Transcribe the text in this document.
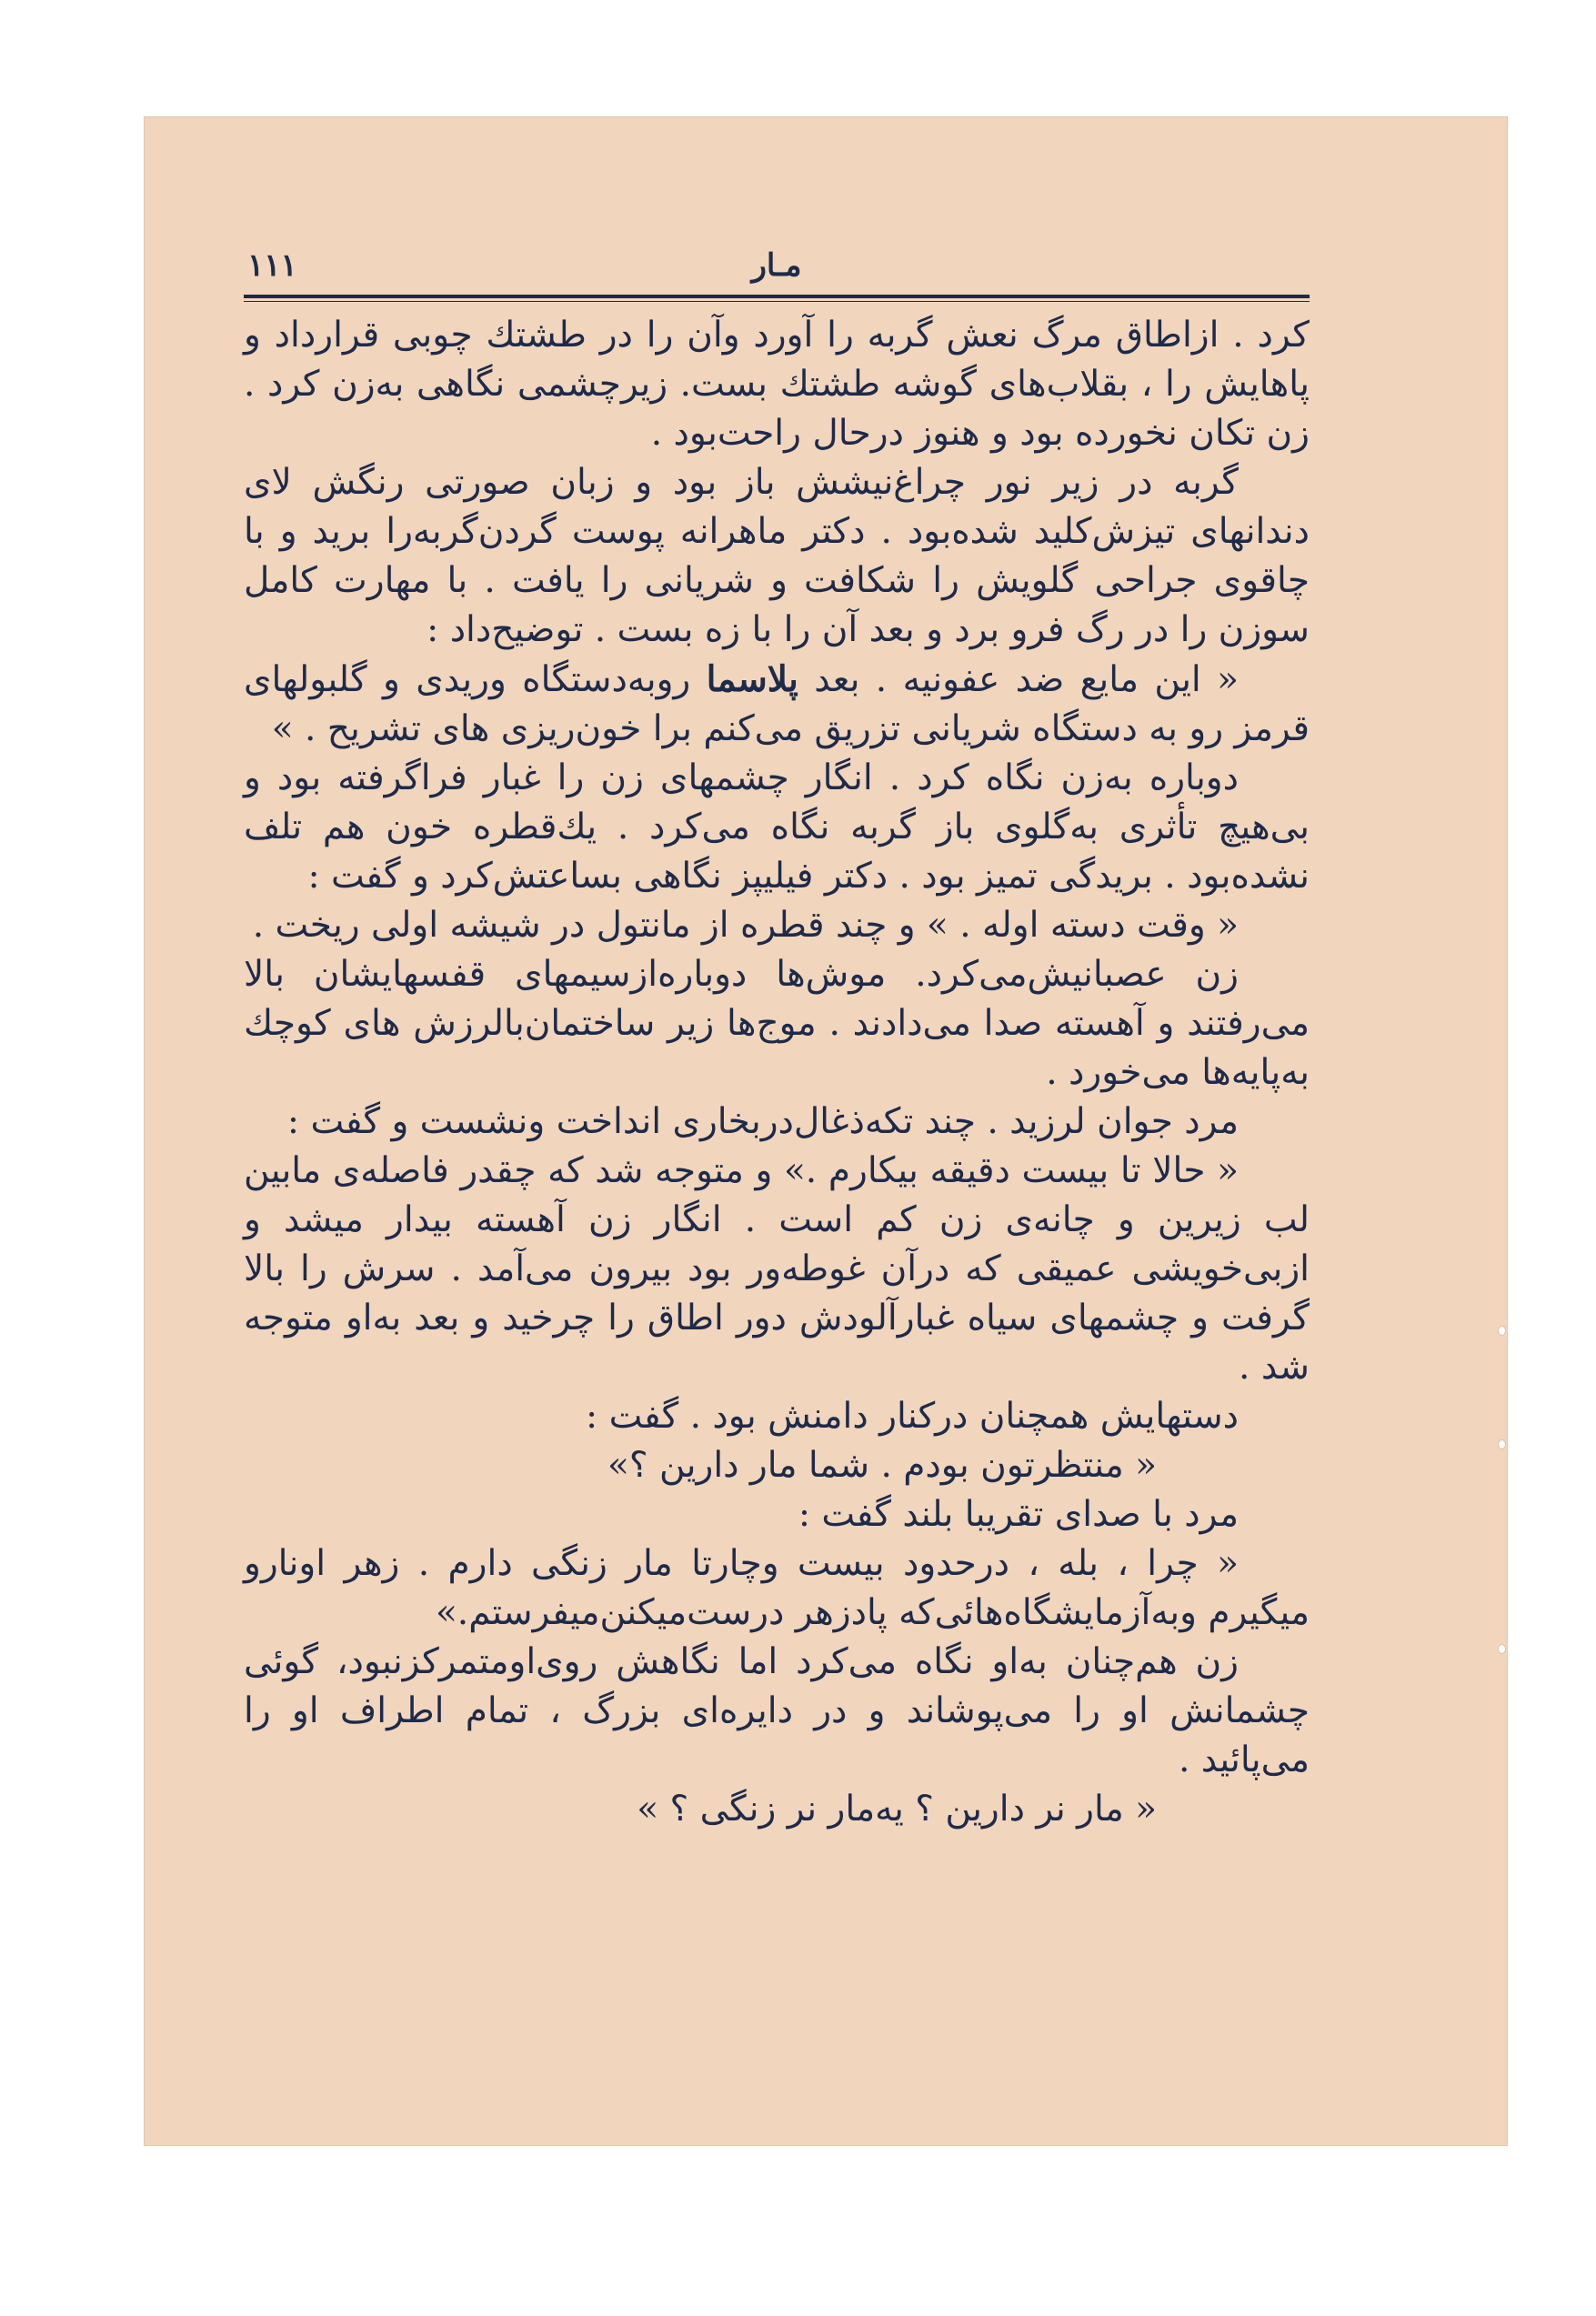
مـار
۱۱۱

کرد . ازاطاق مرگ نعش گربه را آورد وآن را در طشتك چوبی قرارداد و پاهایش را ، بقلاب‌های گوشه طشتك بست. زیرچشمی نگاهی به‌زن کرد . زن تکان نخورده بود و هنوز درحال راحت‌بود .

گربه در زیر نور چراغ‌نیشش باز بود و زبان صورتی رنگش لای دندانهای تیزش‌کلید شده‌بود . دکتر ماهرانه پوست گردن‌گربه‌را برید و با چاقوی جراحی گلویش را شکافت و شریانی را یافت . با مهارت کامل سوزن را در رگ فرو برد و بعد آن را با زه بست . توضیح‌داد :

« این مایع ضد عفونیه . بعد پلاسما روبه‌دستگاه وریدی و گلبولهای قرمز رو به دستگاه شریانی تزریق می‌کنم برا خون‌ریزی های تشریح . »

دوباره به‌زن نگاه کرد . انگار چشمهای زن را غبار فراگرفته بود و بی‌هیچ تأثری به‌گلوی باز گربه نگاه می‌کرد . يك‌قطره خون هم تلف نشده‌بود . بریدگی تمیز بود . دکتر فیلیپز نگاهی بساعتش‌کرد و گفت :

« وقت دسته اوله . » و چند قطره از مانتول در شیشه اولی ریخت .

زن عصبانیش‌می‌کرد. موش‌ها دوباره‌ازسیمهای قفسهایشان بالا می‌رفتند و آهسته صدا می‌دادند . موج‌ها زیر ساختمان‌بالرزش های کوچك به‌پایه‌ها می‌خورد .

مرد جوان لرزید . چند تکه‌ذغال‌دربخاری انداخت ونشست و گفت :

« حالا تا بیست دقیقه بیکارم .» و متوجه شد که چقدر فاصله‌ی مابین لب زیرین و چانه‌ی زن کم است . انگار زن آهسته بیدار میشد و ازبی‌خویشی عمیقی که درآن غوطه‌ور بود بیرون می‌آمد . سرش را بالا گرفت و چشمهای سیاه غبارآلودش دور اطاق را چرخید و بعد به‌او متوجه شد .

دستهایش همچنان درکنار دامنش بود . گفت :

« منتظرتون بودم . شما مار دارین ؟»

مرد با صدای تقریبا بلند گفت :

« چرا ، بله ، درحدود بیست وچارتا مار زنگی دارم . زهر اونارو میگیرم وبه‌آزمایشگاه‌هائی‌که پادزهر درست‌میکنن‌میفرستم.»

زن هم‌چنان به‌او نگاه می‌کرد اما نگاهش روی‌اومتمرکزنبود، گوئی چشمانش او را می‌پوشاند و در دایره‌ای بزرگ ، تمام اطراف او را می‌پائید .

« مار نر دارین ؟ یه‌مار نر زنگی ؟ »
